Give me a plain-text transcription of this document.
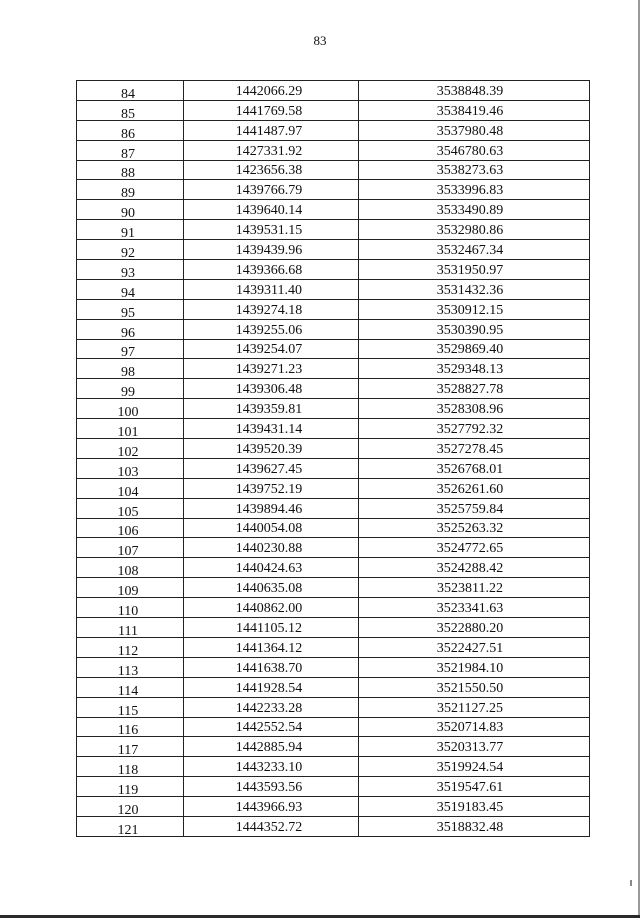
83
84	1442066.29	3538848.39
85	1441769.58	3538419.46
86	1441487.97	3537980.48
87	1427331.92	3546780.63
88	1423656.38	3538273.63
89	1439766.79	3533996.83
90	1439640.14	3533490.89
91	1439531.15	3532980.86
92	1439439.96	3532467.34
93	1439366.68	3531950.97
94	1439311.40	3531432.36
95	1439274.18	3530912.15
96	1439255.06	3530390.95
97	1439254.07	3529869.40
98	1439271.23	3529348.13
99	1439306.48	3528827.78
100	1439359.81	3528308.96
101	1439431.14	3527792.32
102	1439520.39	3527278.45
103	1439627.45	3526768.01
104	1439752.19	3526261.60
105	1439894.46	3525759.84
106	1440054.08	3525263.32
107	1440230.88	3524772.65
108	1440424.63	3524288.42
109	1440635.08	3523811.22
110	1440862.00	3523341.63
111	1441105.12	3522880.20
112	1441364.12	3522427.51
113	1441638.70	3521984.10
114	1441928.54	3521550.50
115	1442233.28	3521127.25
116	1442552.54	3520714.83
117	1442885.94	3520313.77
118	1443233.10	3519924.54
119	1443593.56	3519547.61
120	1443966.93	3519183.45
121	1444352.72	3518832.48
